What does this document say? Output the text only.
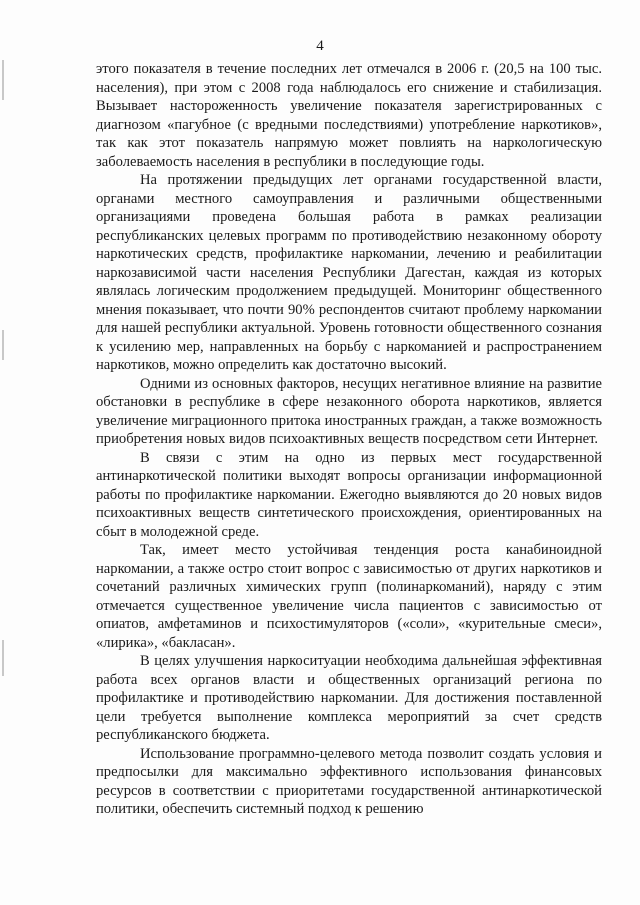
4

этого показателя в течение последних лет отмечался в 2006 г. (20,5 на 100 тыс. населения), при этом с 2008 года наблюдалось его снижение и стабилизация. Вызывает настороженность увеличение показателя зарегистрированных с диагнозом «пагубное (с вредными последствиями) употребление наркотиков», так как этот показатель напрямую может повлиять на наркологическую заболеваемость населения в республики в последующие годы.

На протяжении предыдущих лет органами государственной власти, органами местного самоуправления и различными общественными организациями проведена большая работа в рамках реализации республиканских целевых программ по противодействию незаконному обороту наркотических средств, профилактике наркомании, лечению и реабилитации наркозависимой части населения Республики Дагестан, каждая из которых являлась логическим продолжением предыдущей. Мониторинг общественного мнения показывает, что почти 90% респондентов считают проблему наркомании для нашей республики актуальной. Уровень готовности общественного сознания к усилению мер, направленных на борьбу с наркоманией и распространением наркотиков, можно определить как достаточно высокий.

Одними из основных факторов, несущих негативное влияние на развитие обстановки в республике в сфере незаконного оборота наркотиков, является увеличение миграционного притока иностранных граждан, а также возможность приобретения новых видов психоактивных веществ посредством сети Интернет.

В связи с этим на одно из первых мест государственной антинаркотической политики выходят вопросы организации информационной работы по профилактике наркомании. Ежегодно выявляются до 20 новых видов психоактивных веществ синтетического происхождения, ориентированных на сбыт в молодежной среде.

Так, имеет место устойчивая тенденция роста канабиноидной наркомании, а также остро стоит вопрос с зависимостью от других наркотиков и сочетаний различных химических групп (полинаркоманий), наряду с этим отмечается существенное увеличение числа пациентов с зависимостью от опиатов, амфетаминов и психостимуляторов («соли», «курительные смеси», «лирика», «бакласан».

В целях улучшения наркоситуации необходима дальнейшая эффективная работа всех органов власти и общественных организаций региона по профилактике и противодействию наркомании. Для достижения поставленной цели требуется выполнение комплекса мероприятий за счет средств республиканского бюджета.

Использование программно-целевого метода позволит создать условия и предпосылки для максимально эффективного использования финансовых ресурсов в соответствии с приоритетами государственной антинаркотической политики, обеспечить системный подход к решению
